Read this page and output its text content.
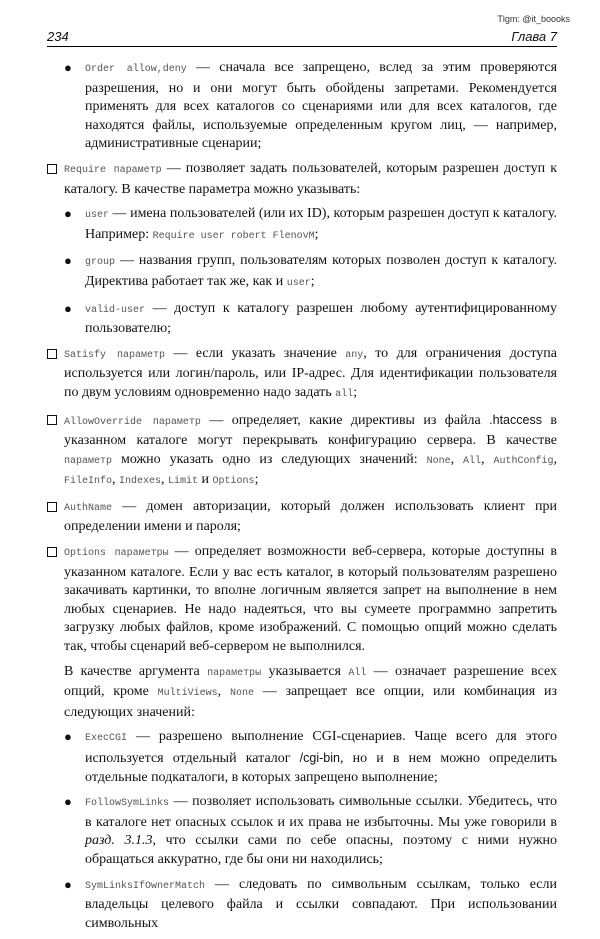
Tlgm: @it_boooks
234	Глава 7

● Order allow,deny — сначала все запрещено, вслед за этим проверяются разрешения, но и они могут быть обойдены запретами. Рекомендуется применять для всех каталогов со сценариями или для всех каталогов, где находятся файлы, используемые определенным кругом лиц, — например, административные сценарии;

Require параметр — позволяет задать пользователей, которым разрешен доступ к каталогу. В качестве параметра можно указывать:

● user — имена пользователей (или их ID), которым разрешен доступ к каталогу. Например: Require user robert FlenovM;

● group — названия групп, пользователям которых позволен доступ к каталогу. Директива работает так же, как и user;

● valid-user — доступ к каталогу разрешен любому аутентифицированному пользователю;

Satisfy параметр — если указать значение any, то для ограничения доступа используется или логин/пароль, или IP-адрес. Для идентификации пользователя по двум условиям одновременно надо задать all;

AllowOverride параметр — определяет, какие директивы из файла .htaccess в указанном каталоге могут перекрывать конфигурацию сервера. В качестве параметр можно указать одно из следующих значений: None, All, AuthConfig, FileInfo, Indexes, Limit и Options;

AuthName — домен авторизации, который должен использовать клиент при определении имени и пароля;

Options параметры — определяет возможности веб-сервера, которые доступны в указанном каталоге. Если у вас есть каталог, в который пользователям разрешено закачивать картинки, то вполне логичным является запрет на выполнение в нем любых сценариев. Не надо надеяться, что вы сумеете программно запретить загрузку любых файлов, кроме изображений. С помощью опций можно сделать так, чтобы сценарий веб-сервером не выполнился.

В качестве аргумента параметры указывается All — означает разрешение всех опций, кроме MultiViews, None — запрещает все опции, или комбинация из следующих значений:

● ExecCGI — разрешено выполнение CGI-сценариев. Чаще всего для этого используется отдельный каталог /cgi-bin, но и в нем можно определить отдельные подкаталоги, в которых запрещено выполнение;

● FollowSymLinks — позволяет использовать символьные ссылки. Убедитесь, что в каталоге нет опасных ссылок и их права не избыточны. Мы уже говорили в разд. 3.1.3, что ссылки сами по себе опасны, поэтому с ними нужно обращаться аккуратно, где бы они ни находились;

● SymLinksIfOwnerMatch — следовать по символьным ссылкам, только если владельцы целевого файла и ссылки совпадают. При использовании символьных
